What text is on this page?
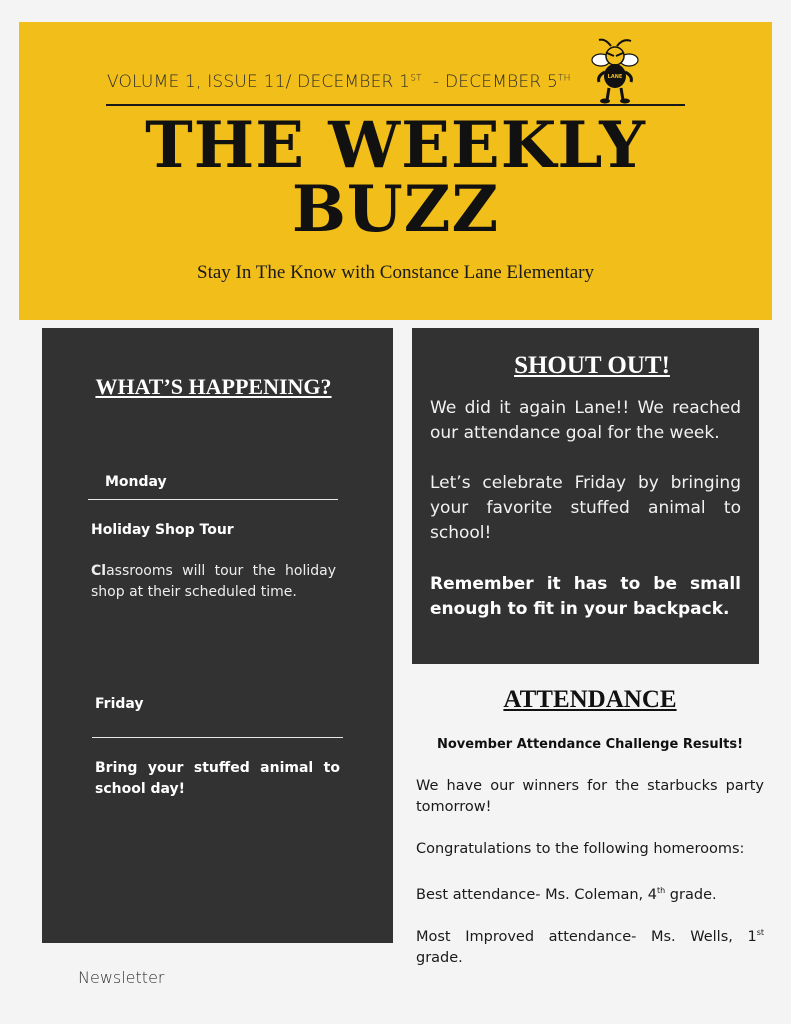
VOLUME 1, ISSUE 11/ DECEMBER 1ST  - DECEMBER 5TH	LANE
THE WEEKLY
BUZZ
Stay In The Know with Constance Lane Elementary
WHAT’S HAPPENING?
Monday
Holiday Shop Tour
Classrooms will tour the holiday shop at their scheduled time.
Friday
Bring your stuffed animal to school day!
SHOUT OUT!

We did it again Lane!! We reached our attendance goal for the week.

Let’s celebrate Friday by bringing your favorite stuffed animal to school!

Remember it has to be small enough to fit in your backpack.

ATTENDANCE
November Attendance Challenge Results!

We have our winners for the starbucks party tomorrow!

Congratulations to the following homerooms:

Best attendance- Ms. Coleman, 4th grade.

Most Improved attendance- Ms. Wells, 1st grade.

Newsletter
